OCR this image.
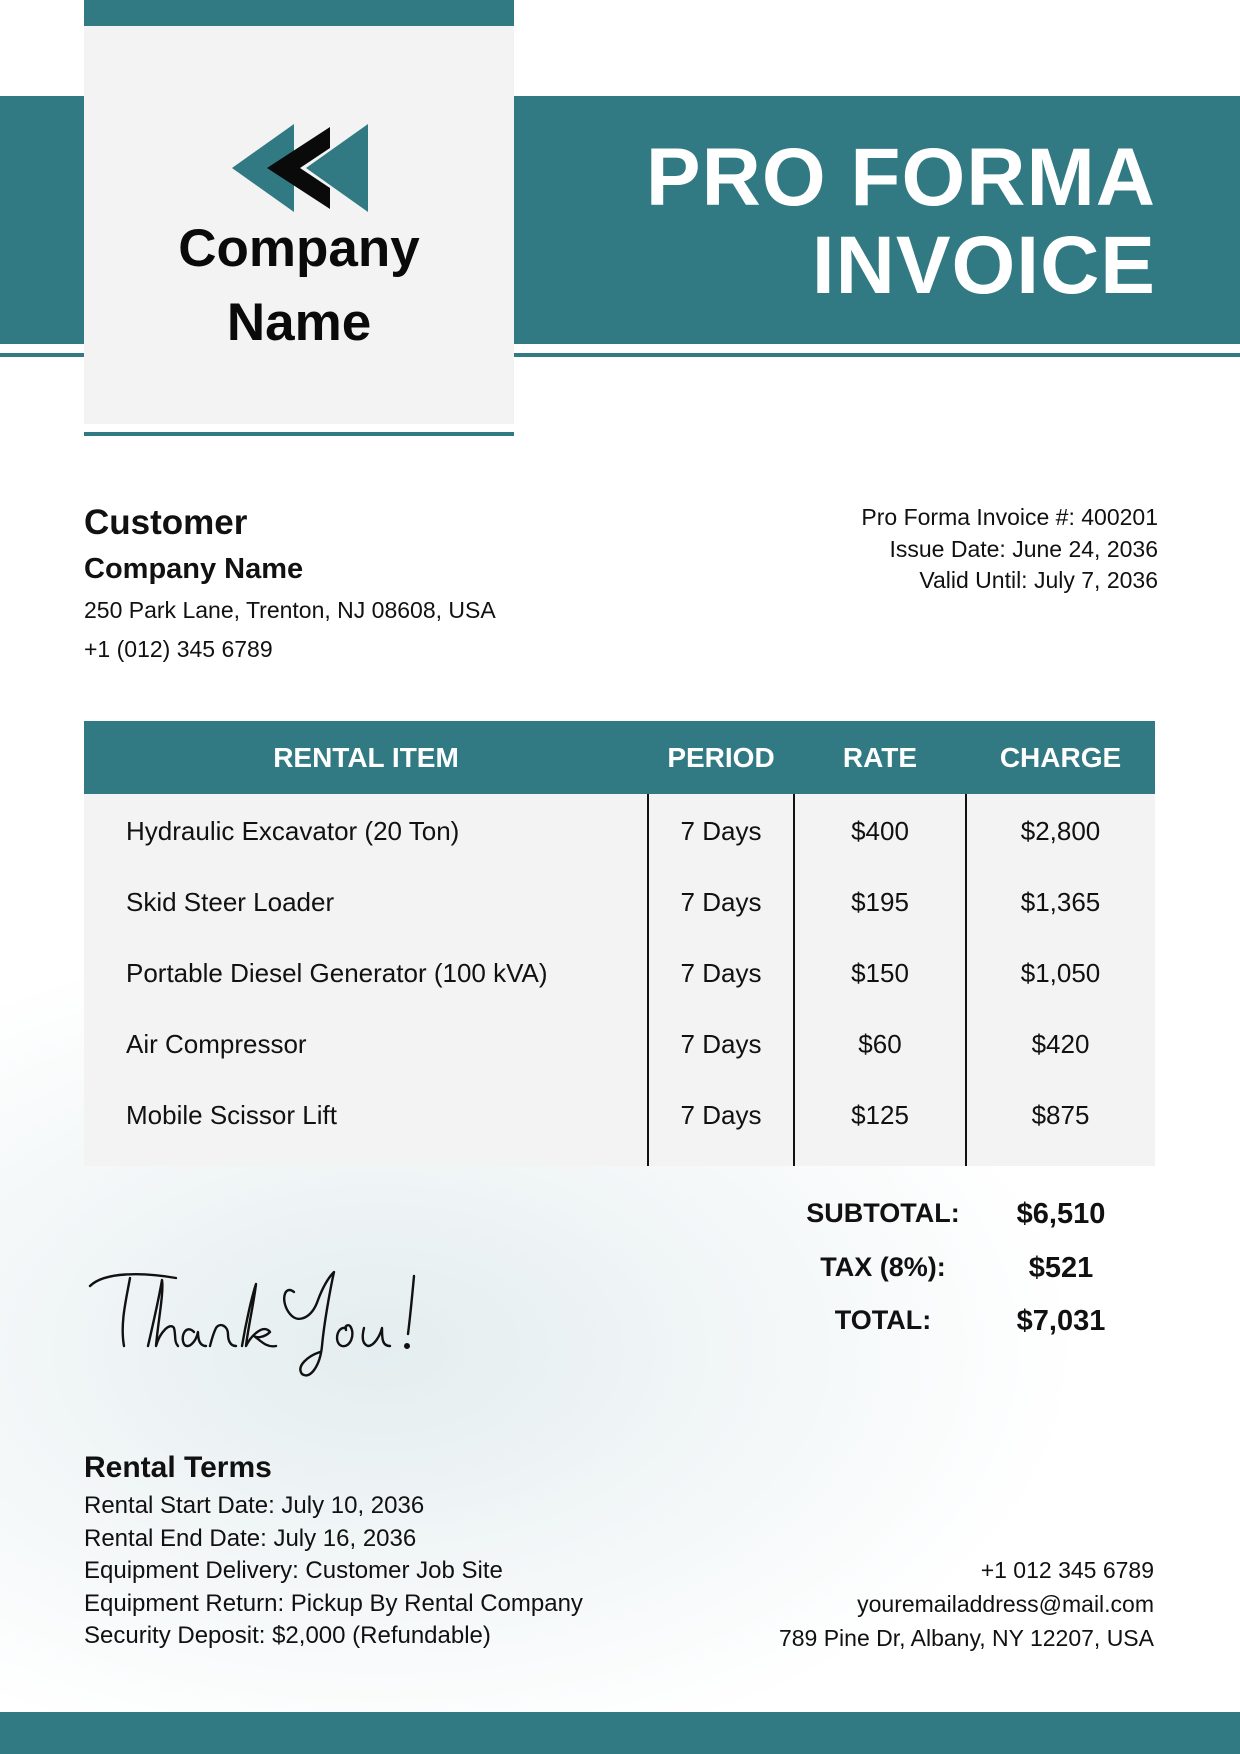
Company
Name
PRO FORMA
INVOICE
Customer
Company Name
250 Park Lane, Trenton, NJ 08608, USA
+1 (012) 345 6789
Pro Forma Invoice #: 400201
Issue Date: June 24, 2036
Valid Until: July 7, 2036
RENTAL ITEM	PERIOD	RATE	CHARGE
Hydraulic Excavator (20 Ton)	7 Days	$400	$2,800
Skid Steer Loader	7 Days	$195	$1,365
Portable Diesel Generator (100 kVA)	7 Days	$150	$1,050
Air Compressor	7 Days	$60	$420
Mobile Scissor Lift	7 Days	$125	$875
SUBTOTAL:	$6,510
TAX (8%):	$521
TOTAL:	$7,031
Rental Terms
Rental Start Date: July 10, 2036
Rental End Date: July 16, 2036
Equipment Delivery: Customer Job Site
Equipment Return: Pickup By Rental Company
Security Deposit: $2,000 (Refundable)
+1 012 345 6789
youremailaddress@mail.com
789 Pine Dr, Albany, NY 12207, USA
